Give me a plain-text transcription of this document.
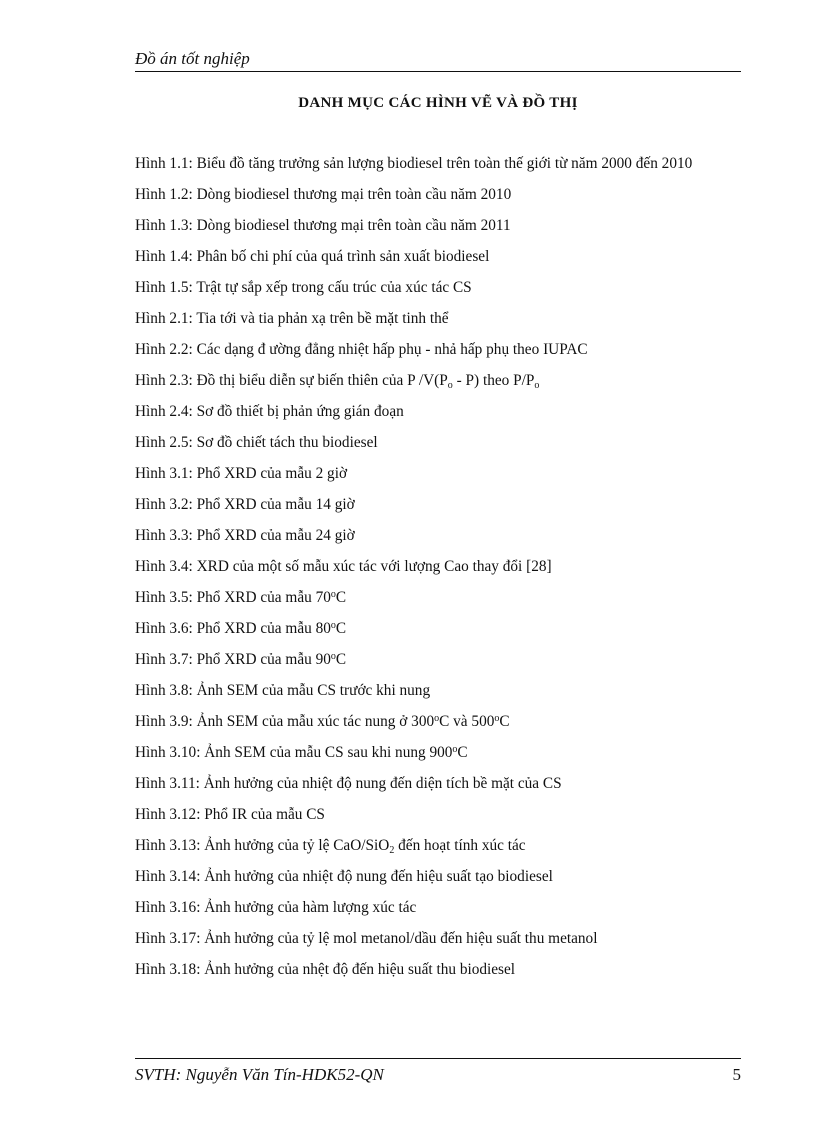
Đồ án tốt nghiệp
DANH MỤC CÁC HÌNH VẼ VÀ ĐỒ THỊ
Hình 1.1: Biểu đồ tăng trưởng sản lượng biodiesel trên toàn thế giới từ năm 2000 đến 2010
Hình 1.2: Dòng biodiesel thương mại trên toàn cầu năm 2010
Hình 1.3: Dòng biodiesel thương mại trên toàn cầu năm 2011
Hình 1.4: Phân bố chi phí của quá trình sản xuất biodiesel
Hình 1.5: Trật tự sắp xếp trong cấu trúc của xúc tác CS
Hình 2.1: Tia tới và tia phản xạ trên bề mặt tinh thể
Hình 2.2: Các dạng đ ường đẳng nhiệt hấp phụ - nhả hấp phụ theo IUPAC
Hình 2.3: Đồ thị biểu diễn sự biến thiên của P $/V(P_o - P)$ theo $P/P_o$
Hình 2.4: Sơ đồ thiết bị phản ứng gián đoạn
Hình 2.5: Sơ đồ chiết tách thu biodiesel
Hình 3.1: Phổ XRD của mẫu 2 giờ
Hình 3.2: Phổ XRD của mẫu 14 giờ
Hình 3.3: Phổ XRD của mẫu 24 giờ
Hình 3.4: XRD của một số mẫu xúc tác với lượng Cao thay đổi [28]
Hình 3.5: Phổ XRD của mẫu 70$^o$C
Hình 3.6: Phổ XRD của mẫu 80$^o$C
Hình 3.7: Phổ XRD của mẫu 90$^o$C
Hình 3.8: Ảnh SEM của mẫu CS trước khi nung
Hình 3.9: Ảnh SEM của mẫu xúc tác nung ở 300$^o$C và 500$^o$C
Hình 3.10: Ảnh SEM của mẫu CS sau khi nung 900$^o$C
Hình 3.11: Ảnh hưởng của nhiệt độ nung đến diện tích bề mặt của CS
Hình 3.12: Phổ IR của mẫu CS
Hình 3.13: Ảnh hưởng của tỷ lệ CaO/SiO$_2$ đến hoạt tính xúc tác
Hình 3.14: Ảnh hưởng của nhiệt độ nung đến hiệu suất tạo biodiesel
Hình 3.16: Ảnh hưởng của hàm lượng xúc tác
Hình 3.17: Ảnh hưởng của tỷ lệ mol metanol/dầu đến hiệu suất thu metanol
Hình 3.18: Ảnh hưởng của nhệt độ đến hiệu suất thu biodiesel
SVTH: Nguyễn Văn Tín-HDK52-QN	5
